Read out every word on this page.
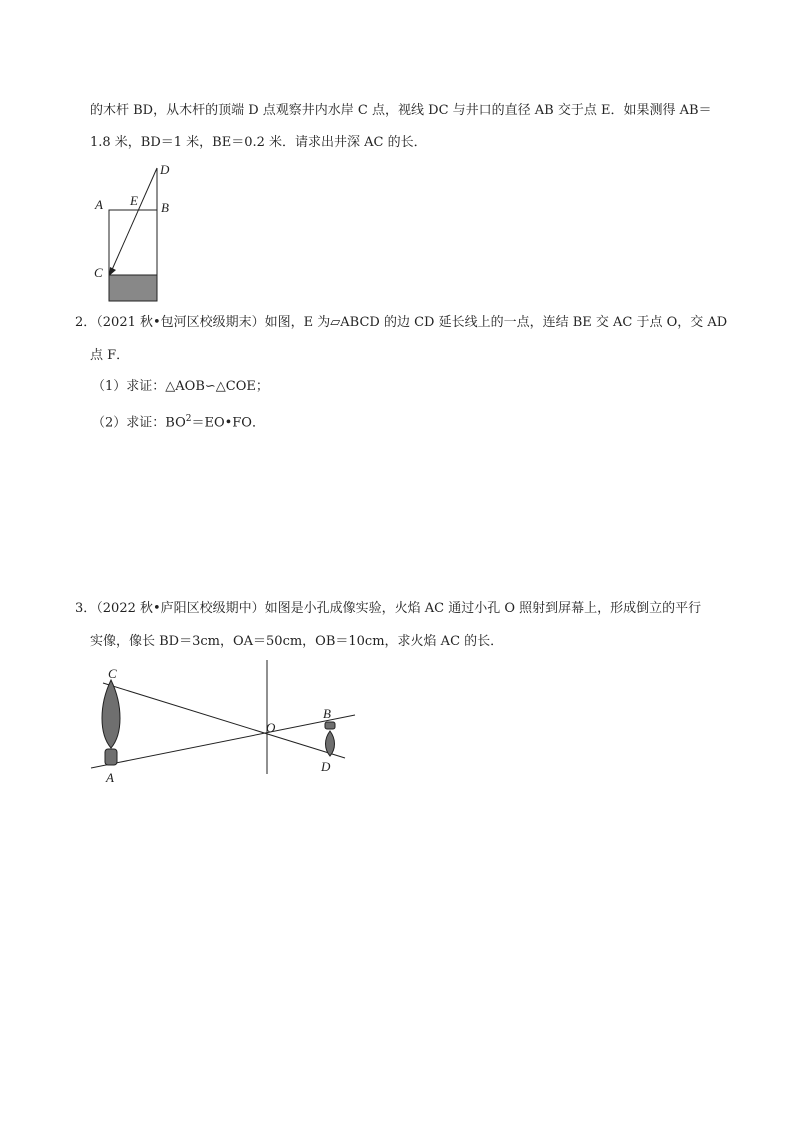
的木杆 BD，从木杆的顶端 D 点观察井内水岸 C 点，视线 DC 与井口的直径 AB 交于点 E．如果测得 AB＝
1.8 米，BD＝1 米，BE＝0.2 米．请求出井深 AC 的长．
D
A E B
C
2．（2021 秋•包河区校级期末）如图，E 为▱ABCD 的边 CD 延长线上的一点，连结 BE 交 AC 于点 O，交 AD
点 F．
（1）求证：△AOB∽△COE；
（2）求证：$BO^2=EO•FO$．
3．（2022 秋•庐阳区校级期中）如图是小孔成像实验，火焰 AC 通过小孔 O 照射到屏幕上，形成倒立的平行
实像，像长 BD＝3cm，OA＝50cm，OB＝10cm，求火焰 AC 的长．
C
A
O
B
D
